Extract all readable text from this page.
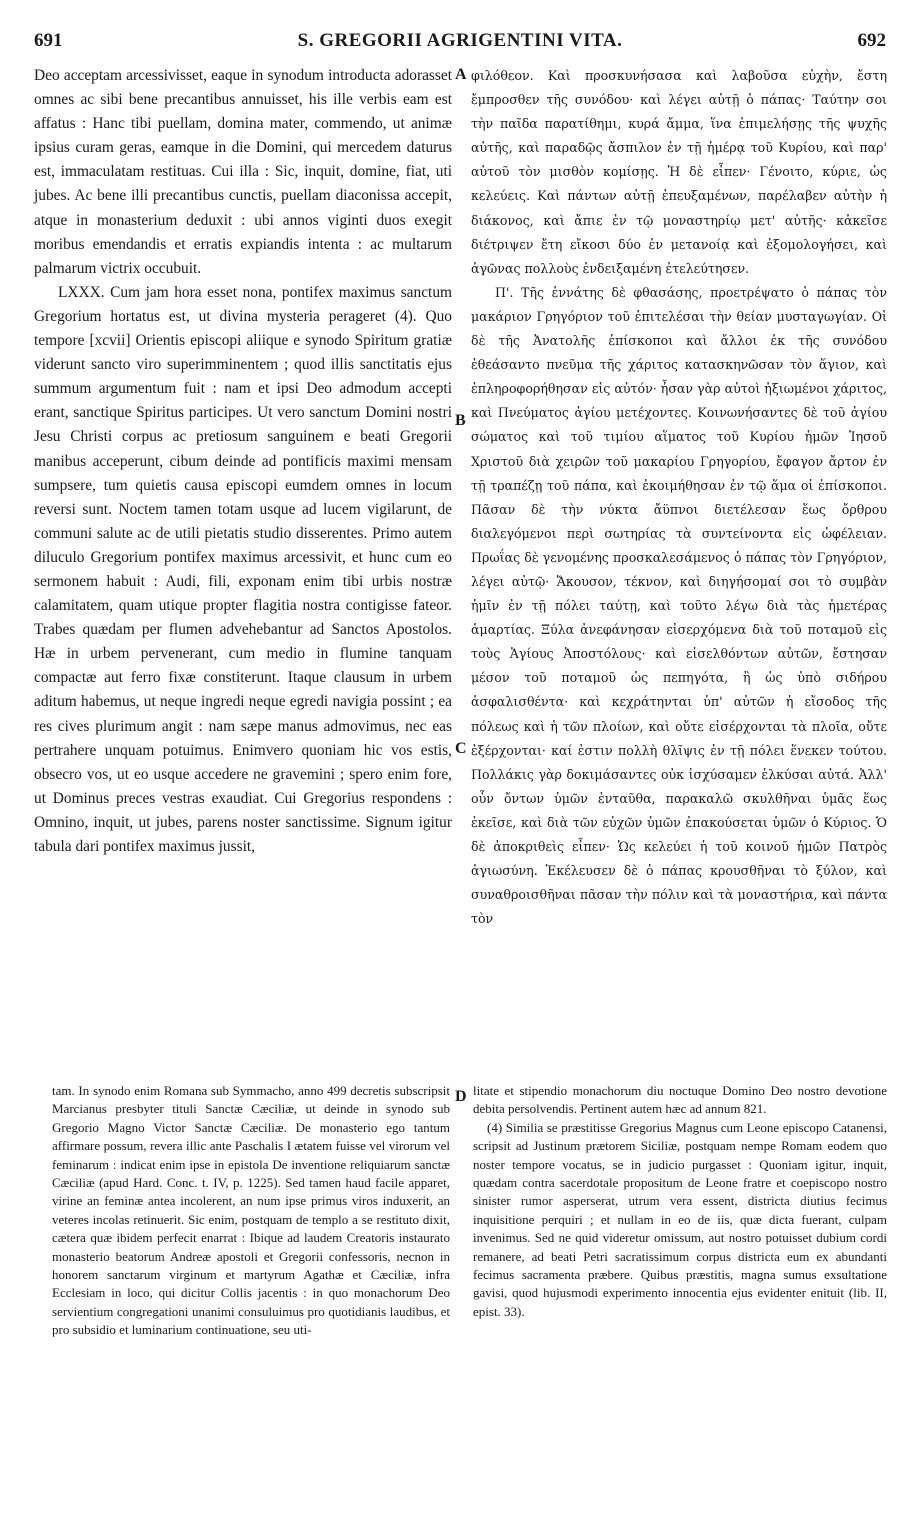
691	S. GREGORII AGRIGENTINI VITA.	692

Deo acceptam arcessivisset, eaque in synodum introducta adorasset omnes ac sibi bene precantibus annuisset, his ille verbis eam est affatus : Hanc tibi puellam, domina mater, commendo, ut animæ ipsius curam geras, eamque in die Domini, qui mercedem daturus est, immaculatam restituas. Cui illa : Sic, inquit, domine, fiat, uti jubes. Ac bene illi precantibus cunctis, puellam diaconissa accepit, atque in monasterium deduxit : ubi annos viginti duos exegit moribus emendandis et erratis expiandis intenta : ac multarum palmarum victrix occubuit.

LXXX. Cum jam hora esset nona, pontifex maximus sanctum Gregorium hortatus est, ut divina mysteria perageret (4). Quo tempore [xcvii] Orientis episcopi aliique e synodo Spiritum gratiæ viderunt sancto viro superimminentem ; quod illis sanctitatis ejus summum argumentum fuit : nam et ipsi Deo admodum accepti erant, sanctique Spiritus participes. Ut vero sanctum Domini nostri Jesu Christi corpus ac pretiosum sanguinem e beati Gregorii manibus acceperunt, cibum deinde ad pontificis maximi mensam sumpsere, tum quietis causa episcopi eumdem omnes in locum reversi sunt. Noctem tamen totam usque ad lucem vigilarunt, de communi salute ac de utili pietatis studio disserentes. Primo autem diluculo Gregorium pontifex maximus arcessivit, et hunc cum eo sermonem habuit : Audi, fili, exponam enim tibi urbis nostræ calamitatem, quam utique propter flagitia nostra contigisse fateor. Trabes quædam per flumen advehebantur ad Sanctos Apostolos. Hæ in urbem pervenerant, cum medio in flumine tanquam compactæ aut ferro fixæ constiterunt. Itaque clausum in urbem aditum habemus, ut neque ingredi neque egredi navigia possint ; ea res cives plurimum angit : nam sæpe manus admovimus, nec eas pertrahere unquam potuimus. Enimvero quoniam hic vos estis, obsecro vos, ut eo usque accedere ne gravemini ; spero enim fore, ut Dominus preces vestras exaudiat. Cui Gregorius respondens : Omnino, inquit, ut jubes, parens noster sanctissime. Signum igitur tabula dari pontifex maximus jussit,

A
B
C
D

φιλόθεον. Καὶ προσκυνήσασα καὶ λαβοῦσα εὐχὴν, ἔστη ἔμπροσθεν τῆς συνόδου· καὶ λέγει αὐτῇ ὁ πάπας· Ταύτην σοι τὴν παῖδα παρατίθημι, κυρά ἄμμα, ἵνα ἐπιμελήσῃς τῆς ψυχῆς αὐτῆς, καὶ παραδῷς ἄσπιλον ἐν τῇ ἡμέρᾳ τοῦ Κυρίου, καὶ παρ' αὐτοῦ τὸν μισθὸν κομίσῃς. Ἡ δὲ εἶπεν· Γένοιτο, κύριε, ὡς κελεύεις. Καὶ πάντων αὐτῇ ἐπευξαμένων, παρέλαβεν αὐτὴν ἡ διάκονος, καὶ ἄπιε ἐν τῷ μοναστηρίῳ μετ' αὐτῆς· κἀκεῖσε διέτριψεν ἔτη εἴκοσι δύο ἐν μετανοίᾳ καὶ ἐξομολογήσει, καὶ ἀγῶνας πολλοὺς ἐνδειξαμένη ἐτελεύτησεν.

Π'. Τῆς ἐννάτης δὲ φθασάσης, προετρέψατο ὁ πάπας τὸν μακάριον Γρηγόριον τοῦ ἐπιτελέσαι τὴν θείαν μυσταγωγίαν. Οἱ δὲ τῆς Ἀνατολῆς ἐπίσκοποι καὶ ἄλλοι ἐκ τῆς συνόδου ἐθεάσαντο πνεῦμα τῆς χάριτος κατασκηνῶσαν τὸν ἅγιον, καὶ ἐπληροφορήθησαν εἰς αὐτόν· ἦσαν γὰρ αὐτοὶ ἠξιωμένοι χάριτος, καὶ Πνεύματος ἁγίου μετέχοντες. Κοινωνήσαντες δὲ τοῦ ἁγίου σώματος καὶ τοῦ τιμίου αἵματος τοῦ Κυρίου ἡμῶν Ἰησοῦ Χριστοῦ διὰ χειρῶν τοῦ μακαρίου Γρηγορίου, ἔφαγον ἄρτον ἐν τῇ τραπέζῃ τοῦ πάπα, καὶ ἐκοιμήθησαν ἐν τῷ ἅμα οἱ ἐπίσκοποι. Πᾶσαν δὲ τὴν νύκτα ἄϋπνοι διετέλεσαν ἕως ὄρθρου διαλεγόμενοι περὶ σωτηρίας τὰ συντείνοντα εἰς ὠφέλειαν. Πρωΐας δὲ γενομένης προσκαλεσάμενος ὁ πάπας τὸν Γρηγόριον, λέγει αὐτῷ· Ἄκουσον, τέκνον, καὶ διηγήσομαί σοι τὸ συμβὰν ἡμῖν ἐν τῇ πόλει ταύτῃ, καὶ τοῦτο λέγω διὰ τὰς ἡμετέρας ἁμαρτίας. Ξύλα ἀνεφάνησαν εἰσερχόμενα διὰ τοῦ ποταμοῦ εἰς τοὺς Ἁγίους Ἀποστόλους· καὶ εἰσελθόντων αὐτῶν, ἔστησαν μέσον τοῦ ποταμοῦ ὡς πεπηγότα, ἢ ὡς ὑπὸ σιδήρου ἀσφαλισθέντα· καὶ κεχράτηνται ὑπ' αὐτῶν ἡ εἴσοδος τῆς πόλεως καὶ ἡ τῶν πλοίων, καὶ οὔτε εἰσέρχονται τὰ πλοῖα, οὔτε ἐξέρχονται· καί ἐστιν πολλὴ θλῖψις ἐν τῇ πόλει ἕνεκεν τούτου. Πολλάκις γὰρ δοκιμάσαντες οὐκ ἰσχύσαμεν ἑλκύσαι αὐτά. Ἀλλ' οὖν ὄντων ὑμῶν ἐνταῦθα, παρακαλῶ σκυλθῆναι ὑμᾶς ἕως ἐκεῖσε, καὶ διὰ τῶν εὐχῶν ὑμῶν ἐπακούσεται ὑμῶν ὁ Κύριος. Ὁ δὲ ἀποκριθεὶς εἶπεν· Ὡς κελεύει ἡ τοῦ κοινοῦ ἡμῶν Πατρὸς ἁγιωσύνη. Ἐκέλευσεν δὲ ὁ πάπας κρουσθῆναι τὸ ξύλον, καὶ συναθροισθῆναι πᾶσαν τὴν πόλιν καὶ τὰ μοναστήρια, καὶ πάντα τὸν

tam. In synodo enim Romana sub Symmacho, anno 499 decretis subscripsit Marcianus presbyter tituli Sanctæ Cæciliæ, ut deinde in synodo sub Gregorio Magno Victor Sanctæ Cæciliæ. De monasterio ego tantum affirmare possum, revera illic ante Paschalis I ætatem fuisse vel virorum vel feminarum : indicat enim ipse in epistola De inventione reliquiarum sanctæ Cæciliæ (apud Hard. Conc. t. IV, p. 1225). Sed tamen haud facile apparet, virine an feminæ antea incolerent, an num ipse primus viros induxerit, an veteres incolas retinuerit. Sic enim, postquam de templo a se restituto dixit, cætera quæ ibidem perfecit enarrat : Ibique ad laudem Creatoris instaurato monasterio beatorum Andreæ apostoli et Gregorii confessoris, necnon in honorem sanctarum virginum et martyrum Agathæ et Cæciliæ, infra Ecclesiam in loco, qui dicitur Collis jacentis : in quo monachorum Deo servientium congregationi unanimi consuluimus pro quotidianis laudibus, et pro subsidio et luminarium continuatione, seu uti-

litate et stipendio monachorum diu noctuque Domino Deo nostro devotione debita persolvendis. Pertinent autem hæc ad annum 821.

(4) Similia se præstitisse Gregorius Magnus cum Leone episcopo Catanensi, scripsit ad Justinum prætorem Siciliæ, postquam nempe Romam eodem quo noster tempore vocatus, se in judicio purgasset : Quoniam igitur, inquit, quædam contra sacerdotale propositum de Leone fratre et coepiscopo nostro sinister rumor asperserat, utrum vera essent, districta diutius fecimus inquisitione perquiri ; et nullam in eo de iis, quæ dicta fuerant, culpam invenimus. Sed ne quid videretur omissum, aut nostro potuisset dubium cordi remanere, ad beati Petri sacratissimum corpus districta eum ex abundanti fecimus sacramenta præbere. Quibus præstitis, magna sumus exsultatione gavisi, quod hujusmodi experimento innocentia ejus evidenter enituit (lib. II, epist. 33).
